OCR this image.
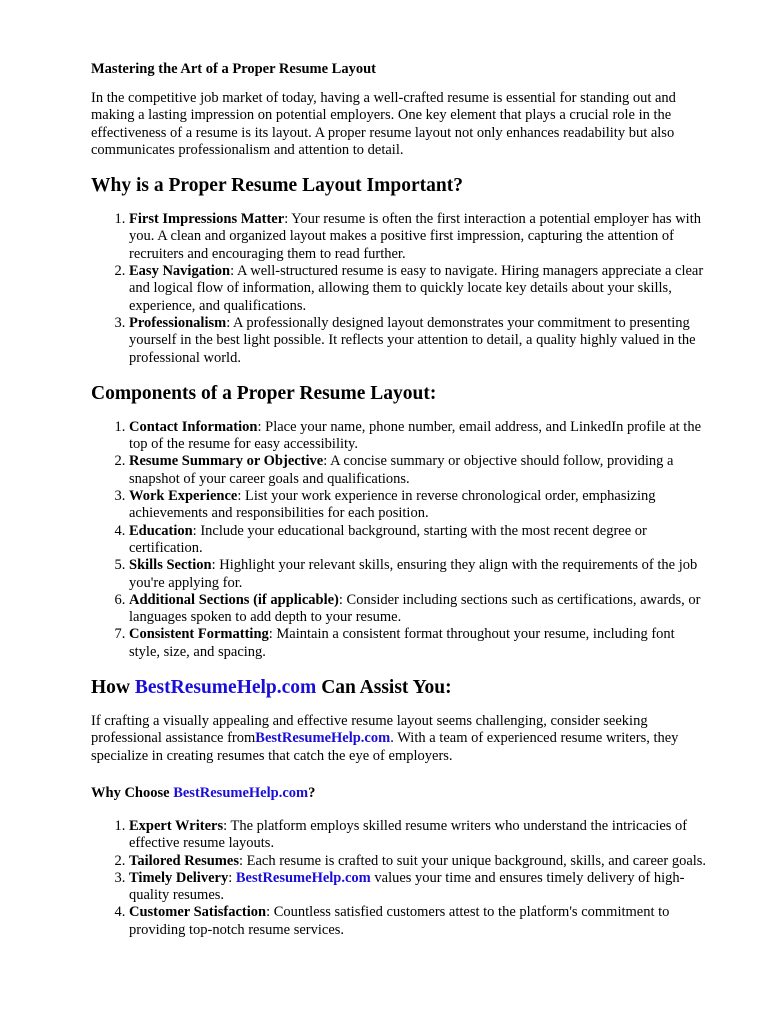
Mastering the Art of a Proper Resume Layout

In the competitive job market of today, having a well-crafted resume is essential for standing out and making a lasting impression on potential employers. One key element that plays a crucial role in the effectiveness of a resume is its layout. A proper resume layout not only enhances readability but also communicates professionalism and attention to detail.

Why is a Proper Resume Layout Important?
1. First Impressions Matter: Your resume is often the first interaction a potential employer has with you. A clean and organized layout makes a positive first impression, capturing the attention of recruiters and encouraging them to read further.
2. Easy Navigation: A well-structured resume is easy to navigate. Hiring managers appreciate a clear and logical flow of information, allowing them to quickly locate key details about your skills, experience, and qualifications.
3. Professionalism: A professionally designed layout demonstrates your commitment to presenting yourself in the best light possible. It reflects your attention to detail, a quality highly valued in the professional world.
Components of a Proper Resume Layout:
1. Contact Information: Place your name, phone number, email address, and LinkedIn profile at the top of the resume for easy accessibility.
2. Resume Summary or Objective: A concise summary or objective should follow, providing a snapshot of your career goals and qualifications.
3. Work Experience: List your work experience in reverse chronological order, emphasizing achievements and responsibilities for each position.
4. Education: Include your educational background, starting with the most recent degree or certification.
5. Skills Section: Highlight your relevant skills, ensuring they align with the requirements of the job you're applying for.
6. Additional Sections (if applicable): Consider including sections such as certifications, awards, or languages spoken to add depth to your resume.
7. Consistent Formatting: Maintain a consistent format throughout your resume, including font style, size, and spacing.
How BestResumeHelp.com Can Assist You:

If crafting a visually appealing and effective resume layout seems challenging, consider seeking professional assistance fromBestResumeHelp.com. With a team of experienced resume writers, they specialize in creating resumes that catch the eye of employers.

Why Choose BestResumeHelp.com?
1. Expert Writers: The platform employs skilled resume writers who understand the intricacies of effective resume layouts.
2. Tailored Resumes: Each resume is crafted to suit your unique background, skills, and career goals.
3. Timely Delivery: BestResumeHelp.com values your time and ensures timely delivery of high-quality resumes.
4. Customer Satisfaction: Countless satisfied customers attest to the platform's commitment to providing top-notch resume services.
